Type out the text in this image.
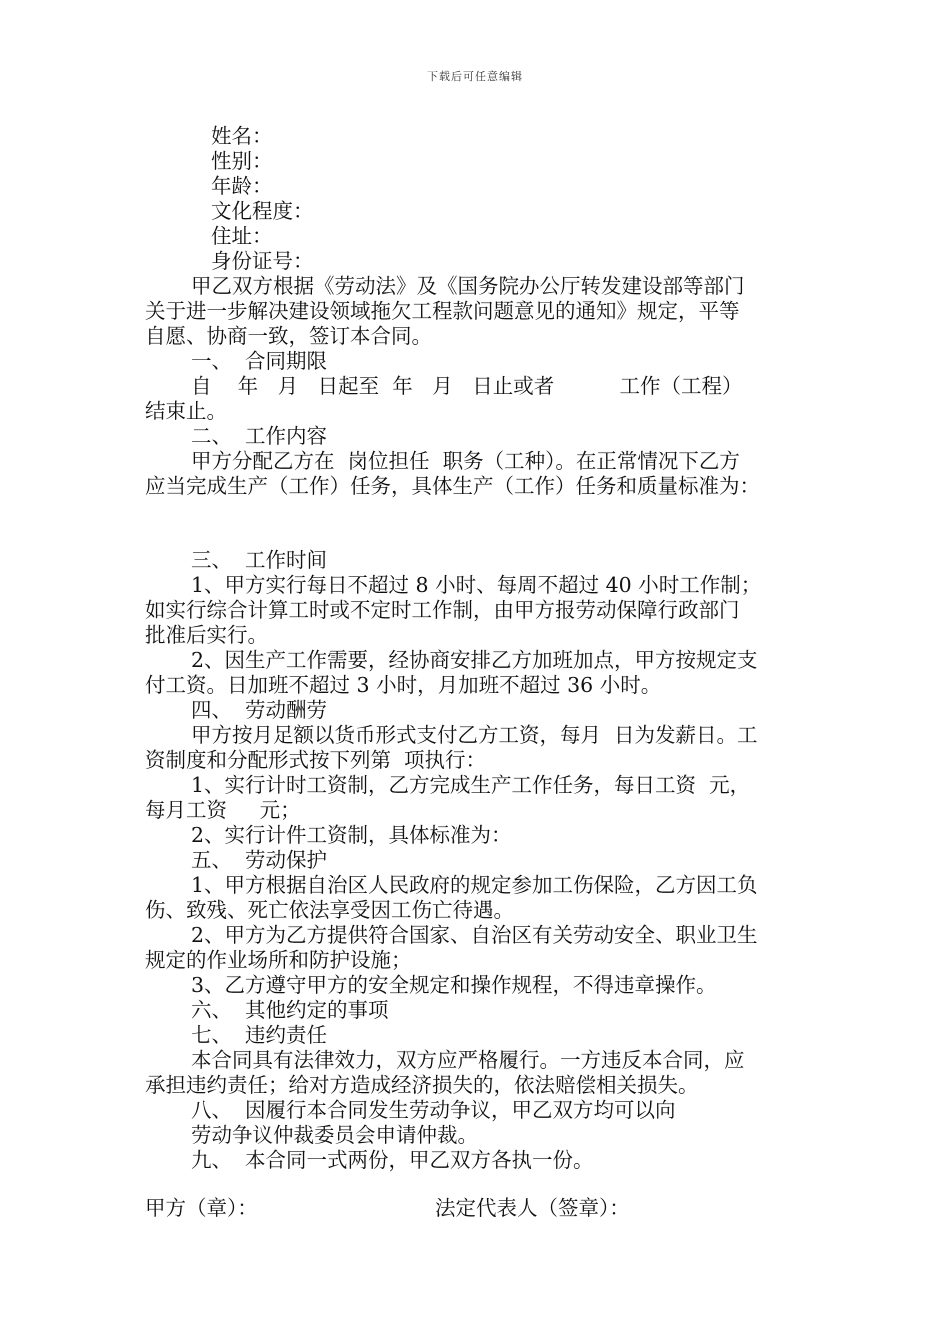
下载后可任意编辑
姓名：
性别：
年龄：
文化程度：
住址：
身份证号：
甲乙双方根据《劳动法》及《国务院办公厅转发建设部等部门
关于进一步解决建设领域拖欠工程款问题意见的通知》规定，平等
自愿、协商一致，签订本合同。
一、  合同期限
自    年   月   日起至  年   月   日止或者          工作（工程）
结束止。
二、  工作内容
甲方分配乙方在  岗位担任  职务（工种）。在正常情况下乙方
应当完成生产（工作）任务，具体生产（工作）任务和质量标准为：
三、  工作时间
1、甲方实行每日不超过 8 小时、每周不超过 40 小时工作制；
如实行综合计算工时或不定时工作制，由甲方报劳动保障行政部门
批准后实行。
2、因生产工作需要，经协商安排乙方加班加点，甲方按规定支
付工资。日加班不超过 3 小时，月加班不超过 36 小时。
四、  劳动酬劳
甲方按月足额以货币形式支付乙方工资，每月  日为发薪日。工
资制度和分配形式按下列第  项执行：
1、实行计时工资制，乙方完成生产工作任务，每日工资  元，
每月工资     元；
2、实行计件工资制，具体标准为：
五、  劳动保护
1、甲方根据自治区人民政府的规定参加工伤保险，乙方因工负
伤、致残、死亡依法享受因工伤亡待遇。
2、甲方为乙方提供符合国家、自治区有关劳动安全、职业卫生
规定的作业场所和防护设施；
3、乙方遵守甲方的安全规定和操作规程，不得违章操作。
六、  其他约定的事项
七、  违约责任
本合同具有法律效力，双方应严格履行。一方违反本合同，应
承担违约责任；给对方造成经济损失的，依法赔偿相关损失。
八、  因履行本合同发生劳动争议，甲乙双方均可以向
劳动争议仲裁委员会申请仲裁。
九、  本合同一式两份，甲乙双方各执一份。
甲方（章）：	法定代表人（签章）：
